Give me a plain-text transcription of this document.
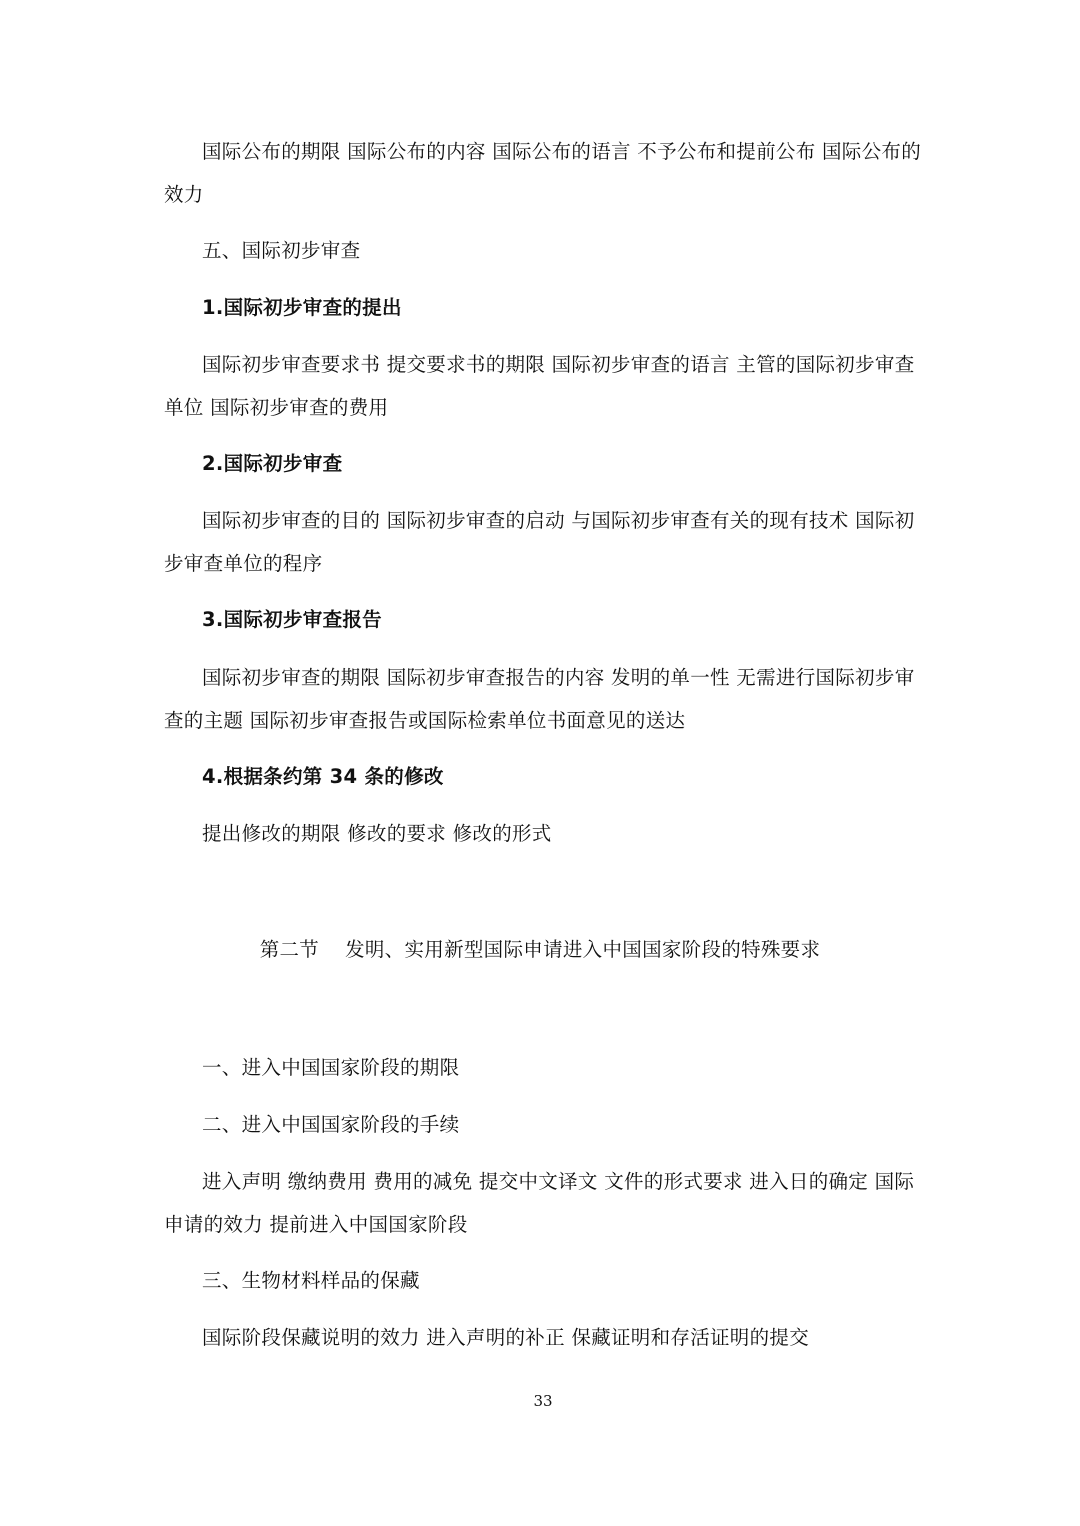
国际公布的期限 国际公布的内容 国际公布的语言 不予公布和提前公布 国际公布的效力

五、国际初步审查

1.国际初步审查的提出

国际初步审查要求书 提交要求书的期限 国际初步审查的语言 主管的国际初步审查单位 国际初步审查的费用

2.国际初步审查

国际初步审查的目的 国际初步审查的启动 与国际初步审查有关的现有技术 国际初步审查单位的程序

3.国际初步审查报告

国际初步审查的期限 国际初步审查报告的内容 发明的单一性 无需进行国际初步审查的主题 国际初步审查报告或国际检索单位书面意见的送达

4.根据条约第 34 条的修改

提出修改的期限 修改的要求 修改的形式

第二节    发明、实用新型国际申请进入中国国家阶段的特殊要求

一、进入中国国家阶段的期限

二、进入中国国家阶段的手续

进入声明 缴纳费用 费用的减免 提交中文译文 文件的形式要求 进入日的确定 国际申请的效力 提前进入中国国家阶段

三、生物材料样品的保藏

国际阶段保藏说明的效力 进入声明的补正 保藏证明和存活证明的提交

33
